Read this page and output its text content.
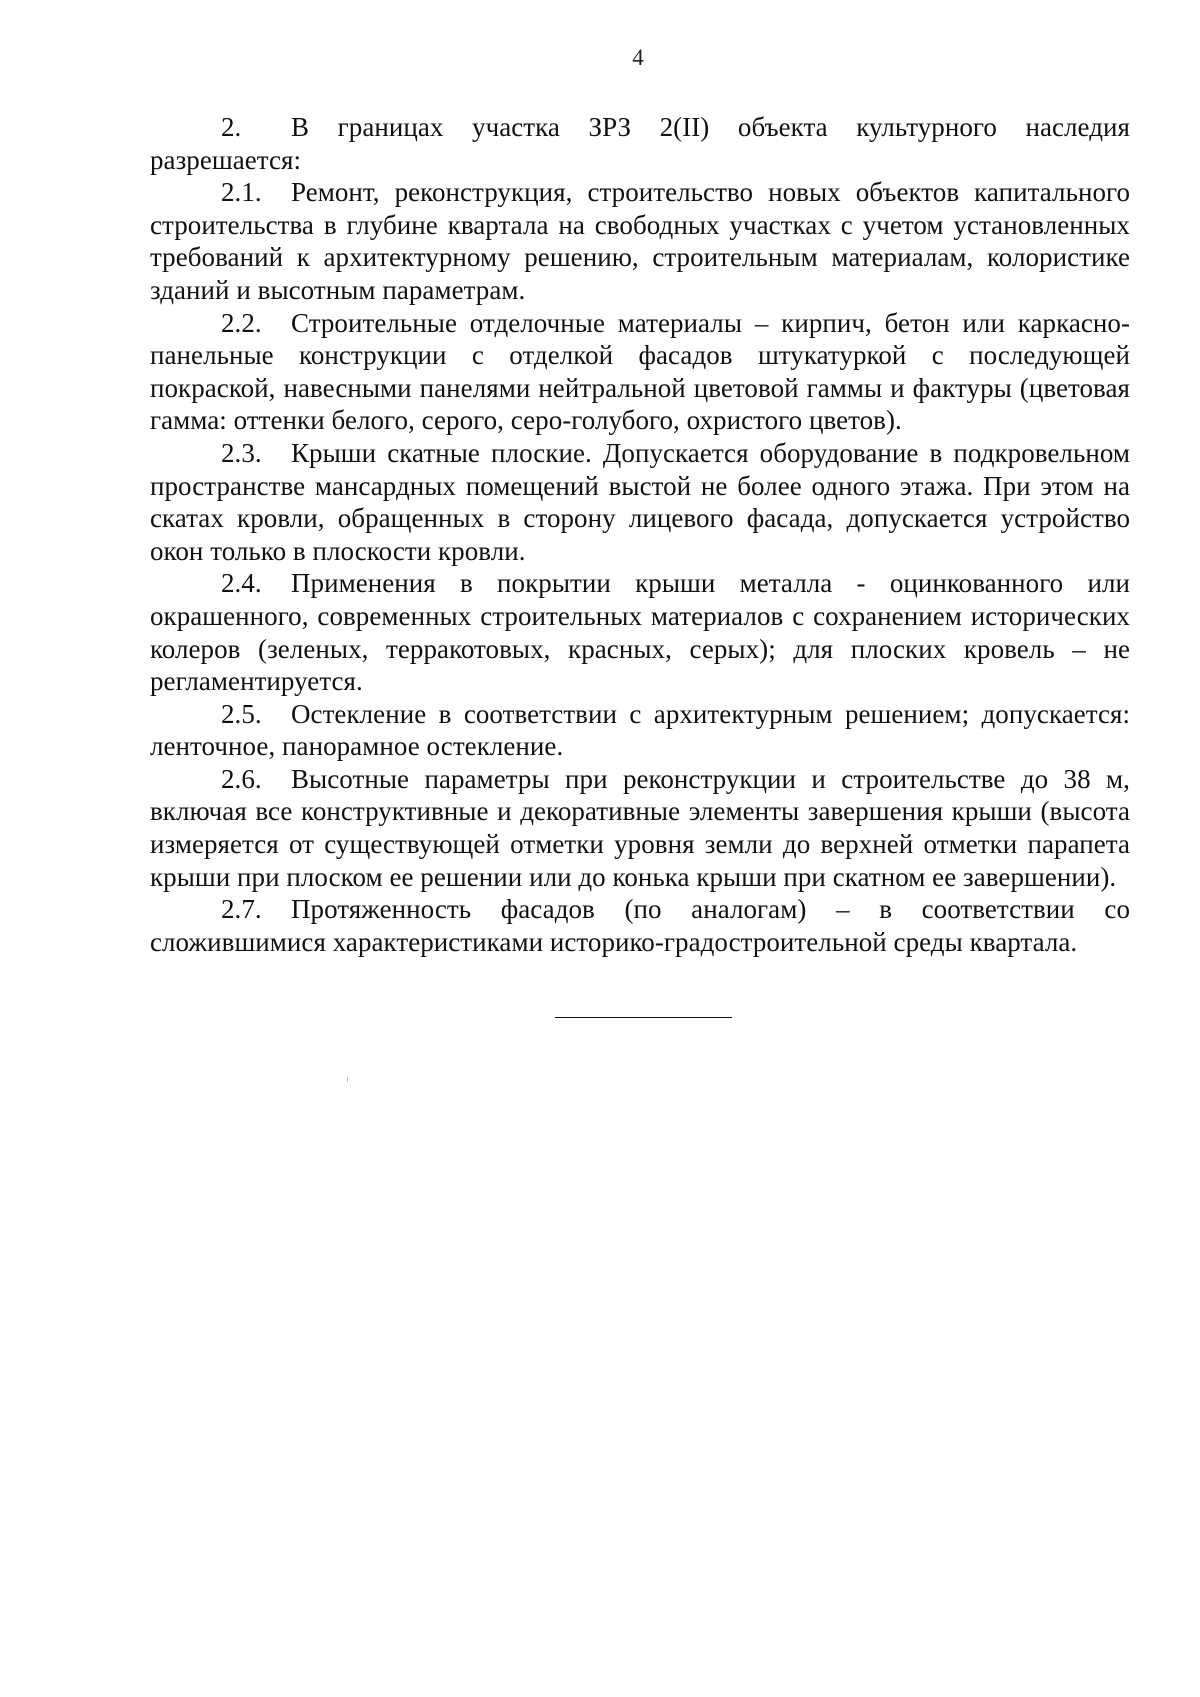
4

2. В границах участка ЗРЗ 2(II) объекта культурного наследия разрешается:

2.1. Ремонт, реконструкция, строительство новых объектов капитального строительства в глубине квартала на свободных участках с учетом установленных требований к архитектурному решению, строительным материалам, колористике зданий и высотным параметрам.

2.2. Строительные отделочные материалы – кирпич, бетон или каркасно-панельные конструкции с отделкой фасадов штукатуркой с последующей покраской, навесными панелями нейтральной цветовой гаммы и фактуры (цветовая гамма: оттенки белого, серого, серо-голубого, охристого цветов).

2.3. Крыши скатные плоские. Допускается оборудование в подкровельном пространстве мансардных помещений выстой не более одного этажа. При этом на скатах кровли, обращенных в сторону лицевого фасада, допускается устройство окон только в плоскости кровли.

2.4. Применения в покрытии крыши металла - оцинкованного или окрашенного, современных строительных материалов с сохранением исторических колеров (зеленых, терракотовых, красных, серых); для плоских кровель – не регламентируется.

2.5. Остекление в соответствии с архитектурным решением; допускается: ленточное, панорамное остекление.

2.6. Высотные параметры при реконструкции и строительстве до 38 м, включая все конструктивные и декоративные элементы завершения крыши (высота измеряется от существующей отметки уровня земли до верхней отметки парапета крыши при плоском ее решении или до конька крыши при скатном ее завершении).

2.7. Протяженность фасадов (по аналогам) – в соответствии со сложившимися характеристиками историко-градостроительной среды квартала.
